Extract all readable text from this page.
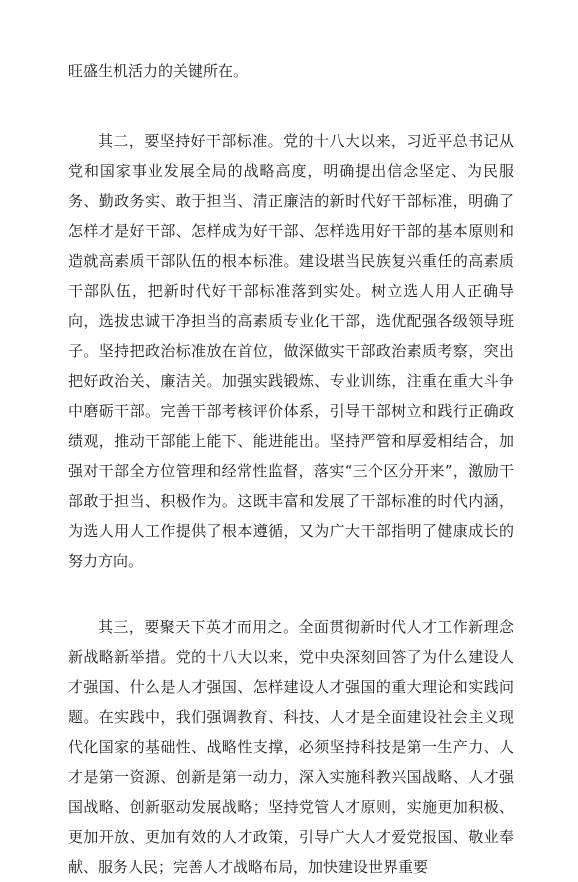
旺盛生机活力的关键所在。

其二，要坚持好干部标准。党的十八大以来，习近平总书记从党和国家事业发展全局的战略高度，明确提出信念坚定、为民服务、勤政务实、敢于担当、清正廉洁的新时代好干部标准，明确了怎样才是好干部、怎样成为好干部、怎样选用好干部的基本原则和造就高素质干部队伍的根本标准。建设堪当民族复兴重任的高素质干部队伍，把新时代好干部标准落到实处。树立选人用人正确导向，选拔忠诚干净担当的高素质专业化干部，选优配强各级领导班子。坚持把政治标准放在首位，做深做实干部政治素质考察，突出把好政治关、廉洁关。加强实践锻炼、专业训练，注重在重大斗争中磨砺干部。完善干部考核评价体系，引导干部树立和践行正确政绩观，推动干部能上能下、能进能出。坚持严管和厚爱相结合，加强对干部全方位管理和经常性监督，落实“三个区分开来”，激励干部敢于担当、积极作为。这既丰富和发展了干部标准的时代内涵，为选人用人工作提供了根本遵循，又为广大干部指明了健康成长的努力方向。

其三，要聚天下英才而用之。全面贯彻新时代人才工作新理念新战略新举措。党的十八大以来，党中央深刻回答了为什么建设人才强国、什么是人才强国、怎样建设人才强国的重大理论和实践问题。在实践中，我们强调教育、科技、人才是全面建设社会主义现代化国家的基础性、战略性支撑，必须坚持科技是第一生产力、人才是第一资源、创新是第一动力，深入实施科教兴国战略、人才强国战略、创新驱动发展战略；坚持党管人才原则，实施更加积极、更加开放、更加有效的人才政策，引导广大人才爱党报国、敬业奉献、服务人民；完善人才战略布局，加快建设世界重要
